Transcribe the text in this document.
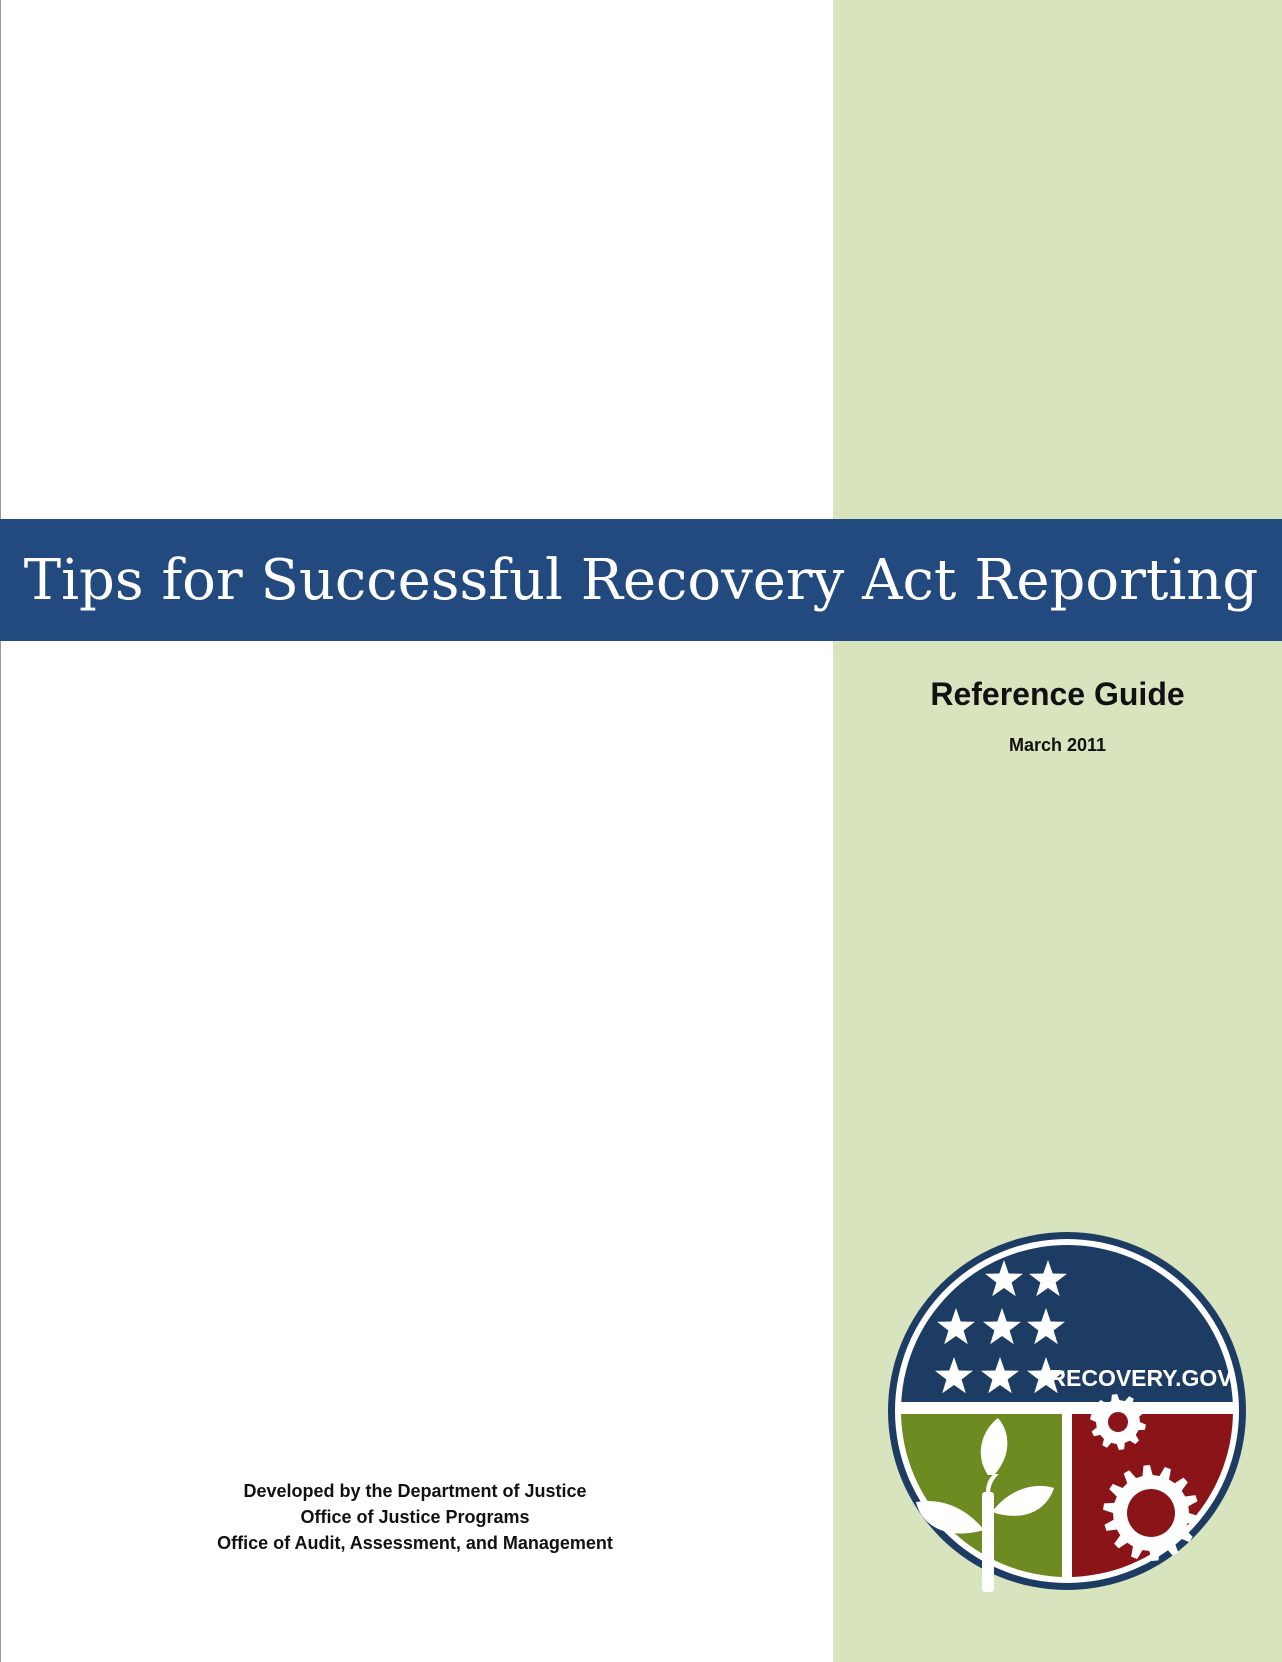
Tips for Successful Recovery Act Reporting
Reference Guide
March 2011
Developed by the Department of Justice
Office of Justice Programs
Office of Audit, Assessment, and Management
RECOVERY.GOV
